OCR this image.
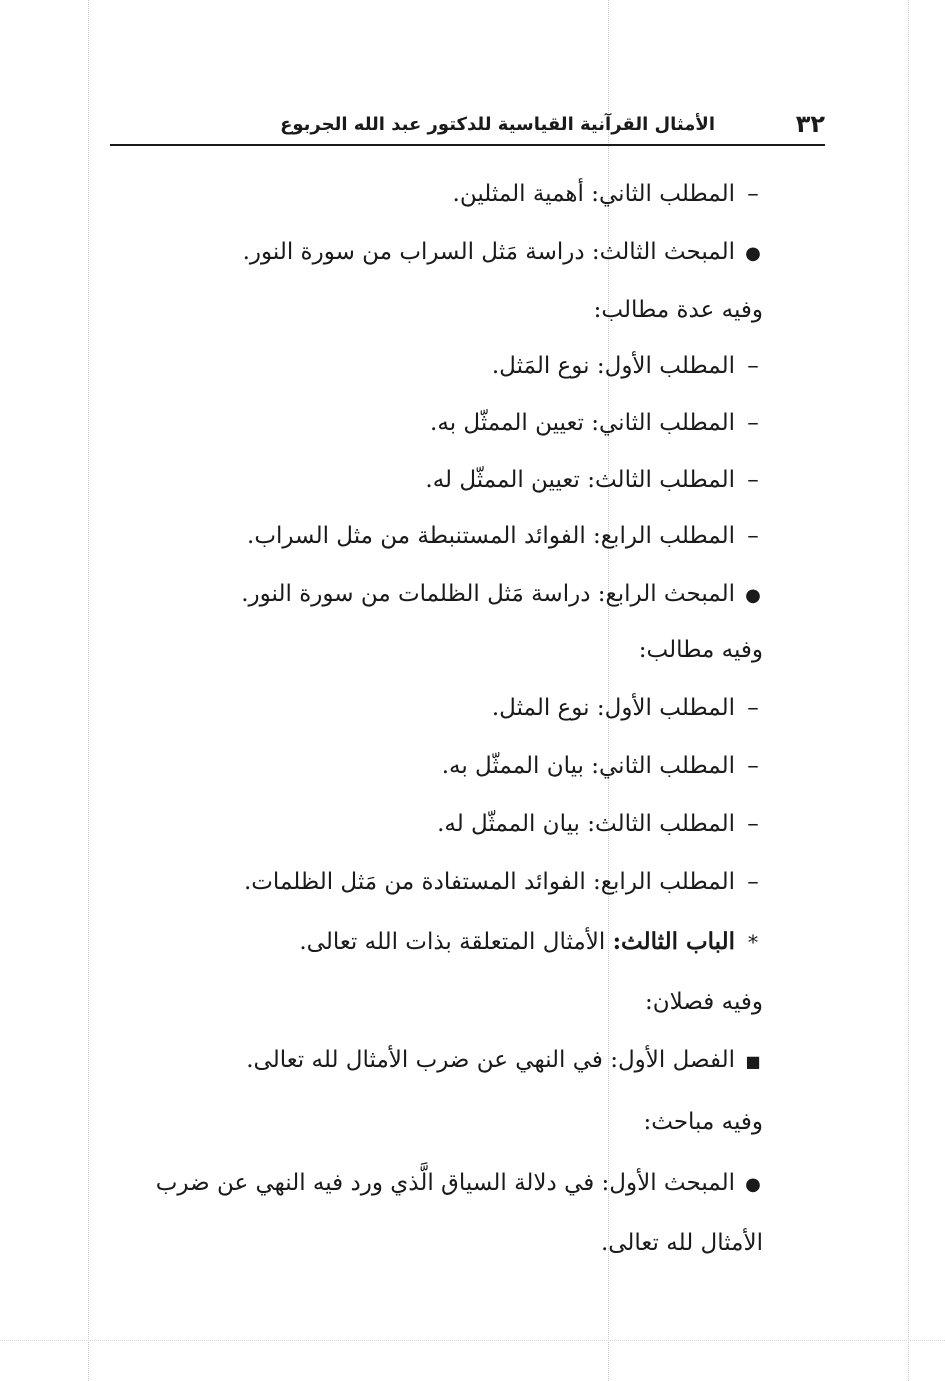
٣٢
الأمثال القرآنية القياسية للدكتور عبد الله الجربوع
–المطلب الثاني: أهمية المثلين.
●المبحث الثالث: دراسة مَثل السراب من سورة النور.
وفيه عدة مطالب:
–المطلب الأول: نوع المَثل.
–المطلب الثاني: تعيين الممثّل به.
–المطلب الثالث: تعيين الممثّل له.
–المطلب الرابع: الفوائد المستنبطة من مثل السراب.
●المبحث الرابع: دراسة مَثل الظلمات من سورة النور.
وفيه مطالب:
–المطلب الأول: نوع المثل.
–المطلب الثاني: بيان الممثّل به.
–المطلب الثالث: بيان الممثّل له.
–المطلب الرابع: الفوائد المستفادة من مَثل الظلمات.
*الباب الثالث: الأمثال المتعلقة بذات الله تعالى.
وفيه فصلان:
■الفصل الأول: في النهي عن ضرب الأمثال لله تعالى.
وفيه مباحث:
●المبحث الأول: في دلالة السياق الَّذي ورد فيه النهي عن ضرب الأمثال لله تعالى.
